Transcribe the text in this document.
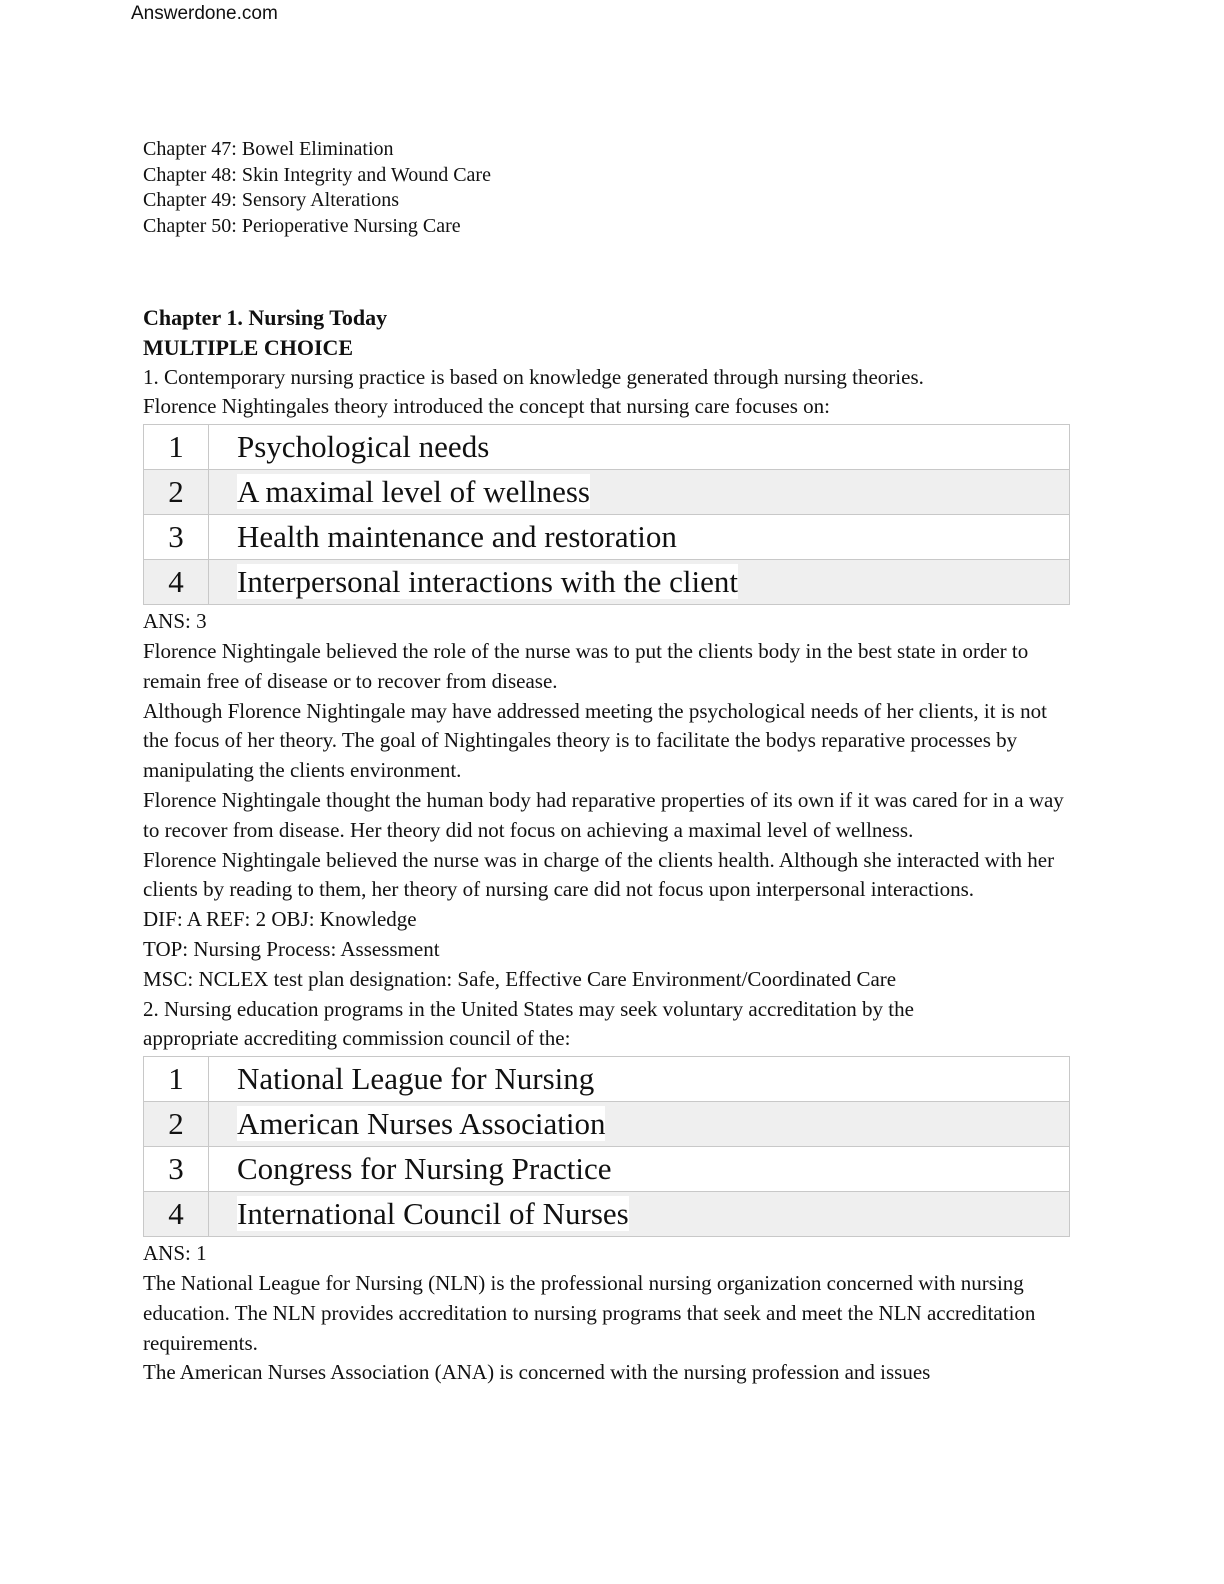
Answerdone.com
Chapter 47: Bowel Elimination
Chapter 48: Skin Integrity and Wound Care
Chapter 49: Sensory Alterations
Chapter 50: Perioperative Nursing Care

Chapter 1. Nursing Today

MULTIPLE CHOICE

1. Contemporary nursing practice is based on knowledge generated through nursing theories.

Florence Nightingales theory introduced the concept that nursing care focuses on:

1	Psychological needs
2	A maximal level of wellness
3	Health maintenance and restoration
4	Interpersonal interactions with the client

ANS: 3

Florence Nightingale believed the role of the nurse was to put the clients body in the best state in order to remain free of disease or to recover from disease.

Although Florence Nightingale may have addressed meeting the psychological needs of her clients, it is not the focus of her theory. The goal of Nightingales theory is to facilitate the bodys reparative processes by manipulating the clients environment.

Florence Nightingale thought the human body had reparative properties of its own if it was cared for in a way to recover from disease. Her theory did not focus on achieving a maximal level of wellness.

Florence Nightingale believed the nurse was in charge of the clients health. Although she interacted with her clients by reading to them, her theory of nursing care did not focus upon interpersonal interactions.

DIF: A REF: 2 OBJ: Knowledge

TOP: Nursing Process: Assessment

MSC: NCLEX test plan designation: Safe, Effective Care Environment/Coordinated Care

2. Nursing education programs in the United States may seek voluntary accreditation by the

appropriate accrediting commission council of the:

1	National League for Nursing
2	American Nurses Association
3	Congress for Nursing Practice
4	International Council of Nurses

ANS: 1

The National League for Nursing (NLN) is the professional nursing organization concerned with nursing education. The NLN provides accreditation to nursing programs that seek and meet the NLN accreditation requirements.

The American Nurses Association (ANA) is concerned with the nursing profession and issues
